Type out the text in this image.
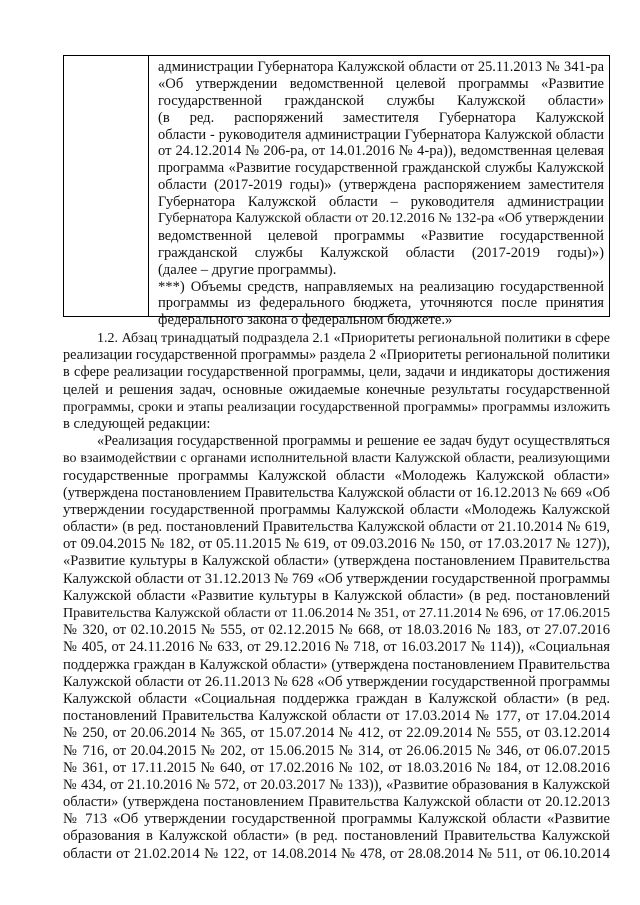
администрации Губернатора Калужской области от 25.11.2013 № 341-ра
«Об утверждении ведомственной целевой программы «Развитие
государственной гражданской службы Калужской области»
(в ред. распоряжений заместителя Губернатора Калужской
области - руководителя администрации Губернатора Калужской области
от 24.12.2014 № 206-ра, от 14.01.2016 № 4-ра)), ведомственная целевая
программа «Развитие государственной гражданской службы Калужской
области (2017-2019 годы)» (утверждена распоряжением заместителя
Губернатора Калужской области – руководителя администрации
Губернатора Калужской области от 20.12.2016 № 132-ра «Об утверждении
ведомственной целевой программы «Развитие государственной
гражданской службы Калужской области (2017-2019 годы)»)
(далее – другие программы).
***) Объемы средств, направляемых на реализацию государственной
программы из федерального бюджета, уточняются после принятия
федерального закона о федеральном бюджете.»
1.2. Абзац тринадцатый подраздела 2.1 «Приоритеты региональной политики в сфере
реализации государственной программы» раздела 2 «Приоритеты региональной политики
в сфере реализации государственной программы, цели, задачи и индикаторы достижения
целей и решения задач, основные ожидаемые конечные результаты государственной
программы, сроки и этапы реализации государственной программы» программы изложить
в следующей редакции:
«Реализация государственной программы и решение ее задач будут осуществляться
во взаимодействии с органами исполнительной власти Калужской области, реализующими
государственные программы Калужской области «Молодежь Калужской области»
(утверждена постановлением Правительства Калужской области от 16.12.2013 № 669 «Об
утверждении государственной программы Калужской области «Молодежь Калужской
области» (в ред. постановлений Правительства Калужской области от 21.10.2014 № 619,
от 09.04.2015 № 182, от 05.11.2015 № 619, от 09.03.2016 № 150, от 17.03.2017 № 127)),
«Развитие культуры в Калужской области» (утверждена постановлением Правительства
Калужской области от 31.12.2013 № 769 «Об утверждении государственной программы
Калужской области «Развитие культуры в Калужской области» (в ред. постановлений
Правительства Калужской области от 11.06.2014 № 351, от 27.11.2014 № 696, от 17.06.2015
№ 320, от 02.10.2015 № 555, от 02.12.2015 № 668, от 18.03.2016 № 183, от 27.07.2016
№ 405, от 24.11.2016 № 633, от 29.12.2016 № 718, от 16.03.2017 № 114)), «Социальная
поддержка граждан в Калужской области» (утверждена постановлением Правительства
Калужской области от 26.11.2013 № 628 «Об утверждении государственной программы
Калужской области «Социальная поддержка граждан в Калужской области» (в ред.
постановлений Правительства Калужской области от 17.03.2014 № 177, от 17.04.2014
№ 250, от 20.06.2014 № 365, от 15.07.2014 № 412, от 22.09.2014 № 555, от 03.12.2014
№ 716, от 20.04.2015 № 202, от 15.06.2015 № 314, от 26.06.2015 № 346, от 06.07.2015
№ 361, от 17.11.2015 № 640, от 17.02.2016 № 102, от 18.03.2016 № 184, от 12.08.2016
№ 434, от 21.10.2016 № 572, от 20.03.2017 № 133)), «Развитие образования в Калужской
области» (утверждена постановлением Правительства Калужской области от 20.12.2013
№ 713 «Об утверждении государственной программы Калужской области «Развитие
образования в Калужской области» (в ред. постановлений Правительства Калужской
области от 21.02.2014 № 122, от 14.08.2014 № 478, от 28.08.2014 № 511, от 06.10.2014
